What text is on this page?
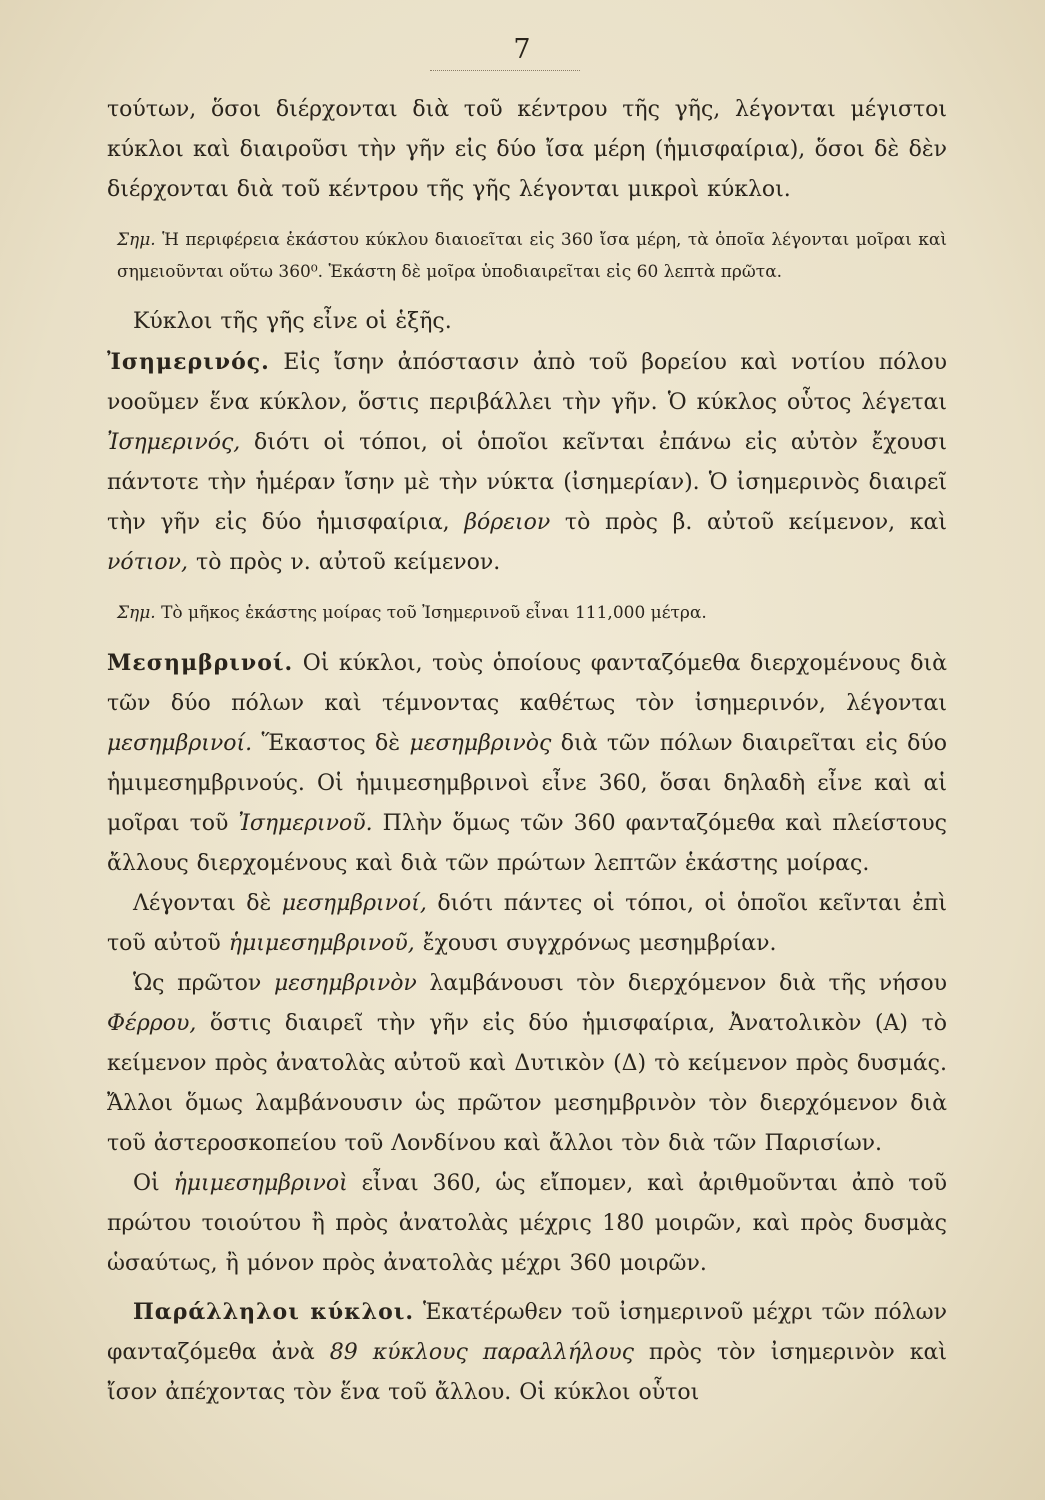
7

τούτων, ὅσοι διέρχονται διὰ τοῦ κέντρου τῆς γῆς, λέγονται μέγιστοι κύκλοι καὶ διαιροῦσι τὴν γῆν εἰς δύο ἴσα μέρη (ἡμισφαίρια), ὅσοι δὲ δὲν διέρχονται διὰ τοῦ κέντρου τῆς γῆς λέγονται μικροὶ κύκλοι.

Σημ. Ἡ περιφέρεια ἑκάστου κύκλου διαιοεῖται εἰς 360 ἴσα μέρη, τὰ ὁποῖα λέγονται μοῖραι καὶ σημειοῦνται οὕτω 360⁰. Ἑκάστη δὲ μοῖρα ὑποδιαιρεῖται εἰς 60 λεπτὰ πρῶτα.

Κύκλοι τῆς γῆς εἶνε οἱ ἑξῆς.

Ἰσημερινός. Εἰς ἴσην ἀπόστασιν ἀπὸ τοῦ βορείου καὶ νοτίου πόλου νοοῦμεν ἕνα κύκλον, ὅστις περιβάλλει τὴν γῆν. Ὁ κύκλος οὗτος λέγεται Ἰσημερινός, διότι οἱ τόποι, οἱ ὁποῖοι κεῖνται ἐπάνω εἰς αὐτὸν ἔχουσι πάντοτε τὴν ἡμέραν ἴσην μὲ τὴν νύκτα (ἰσημερίαν). Ὁ ἰσημερινὸς διαιρεῖ τὴν γῆν εἰς δύο ἡμισφαίρια, βόρειον τὸ πρὸς β. αὐτοῦ κείμενον, καὶ νότιον, τὸ πρὸς ν. αὐτοῦ κείμενον.

Σημ. Τὸ μῆκος ἑκάστης μοίρας τοῦ Ἰσημερινοῦ εἶναι 111,000 μέτρα.

Μεσημβρινοί. Οἱ κύκλοι, τοὺς ὁποίους φανταζόμεθα διερχομένους διὰ τῶν δύο πόλων καὶ τέμνοντας καθέτως τὸν ἰσημερινόν, λέγονται μεσημβρινοί. Ἕκαστος δὲ μεσημβρινὸς διὰ τῶν πόλων διαιρεῖται εἰς δύο ἡμιμεσημβρινούς. Οἱ ἡμιμεσημβρινοὶ εἶνε 360, ὅσαι δηλαδὴ εἶνε καὶ αἱ μοῖραι τοῦ Ἰσημερινοῦ. Πλὴν ὅμως τῶν 360 φανταζόμεθα καὶ πλείστους ἄλλους διερχομένους καὶ διὰ τῶν πρώτων λεπτῶν ἑκάστης μοίρας.

Λέγονται δὲ μεσημβρινοί, διότι πάντες οἱ τόποι, οἱ ὁποῖοι κεῖνται ἐπὶ τοῦ αὐτοῦ ἡμιμεσημβρινοῦ, ἔχουσι συγχρόνως μεσημβρίαν.

Ὡς πρῶτον μεσημβρινὸν λαμβάνουσι τὸν διερχόμενον διὰ τῆς νήσου Φέρρου, ὅστις διαιρεῖ τὴν γῆν εἰς δύο ἡμισφαίρια, Ἀνατολικὸν (Α) τὸ κείμενον πρὸς ἀνατολὰς αὐτοῦ καὶ Δυτικὸν (Δ) τὸ κείμενον πρὸς δυσμάς. Ἄλλοι ὅμως λαμβάνουσιν ὡς πρῶτον μεσημβρινὸν τὸν διερχόμενον διὰ τοῦ ἀστεροσκοπείου τοῦ Λονδίνου καὶ ἄλλοι τὸν διὰ τῶν Παρισίων.

Οἱ ἡμιμεσημβρινοὶ εἶναι 360, ὡς εἴπομεν, καὶ ἀριθμοῦνται ἀπὸ τοῦ πρώτου τοιούτου ἢ πρὸς ἀνατολὰς μέχρις 180 μοιρῶν, καὶ πρὸς δυσμὰς ὡσαύτως, ἢ μόνον πρὸς ἀνατολὰς μέχρι 360 μοιρῶν.

Παράλληλοι κύκλοι. Ἑκατέρωθεν τοῦ ἰσημερινοῦ μέχρι τῶν πόλων φανταζόμεθα ἀνὰ 89 κύκλους παραλλήλους πρὸς τὸν ἰσημερινὸν καὶ ἴσον ἀπέχοντας τὸν ἕνα τοῦ ἄλλου. Οἱ κύκλοι οὗτοι
